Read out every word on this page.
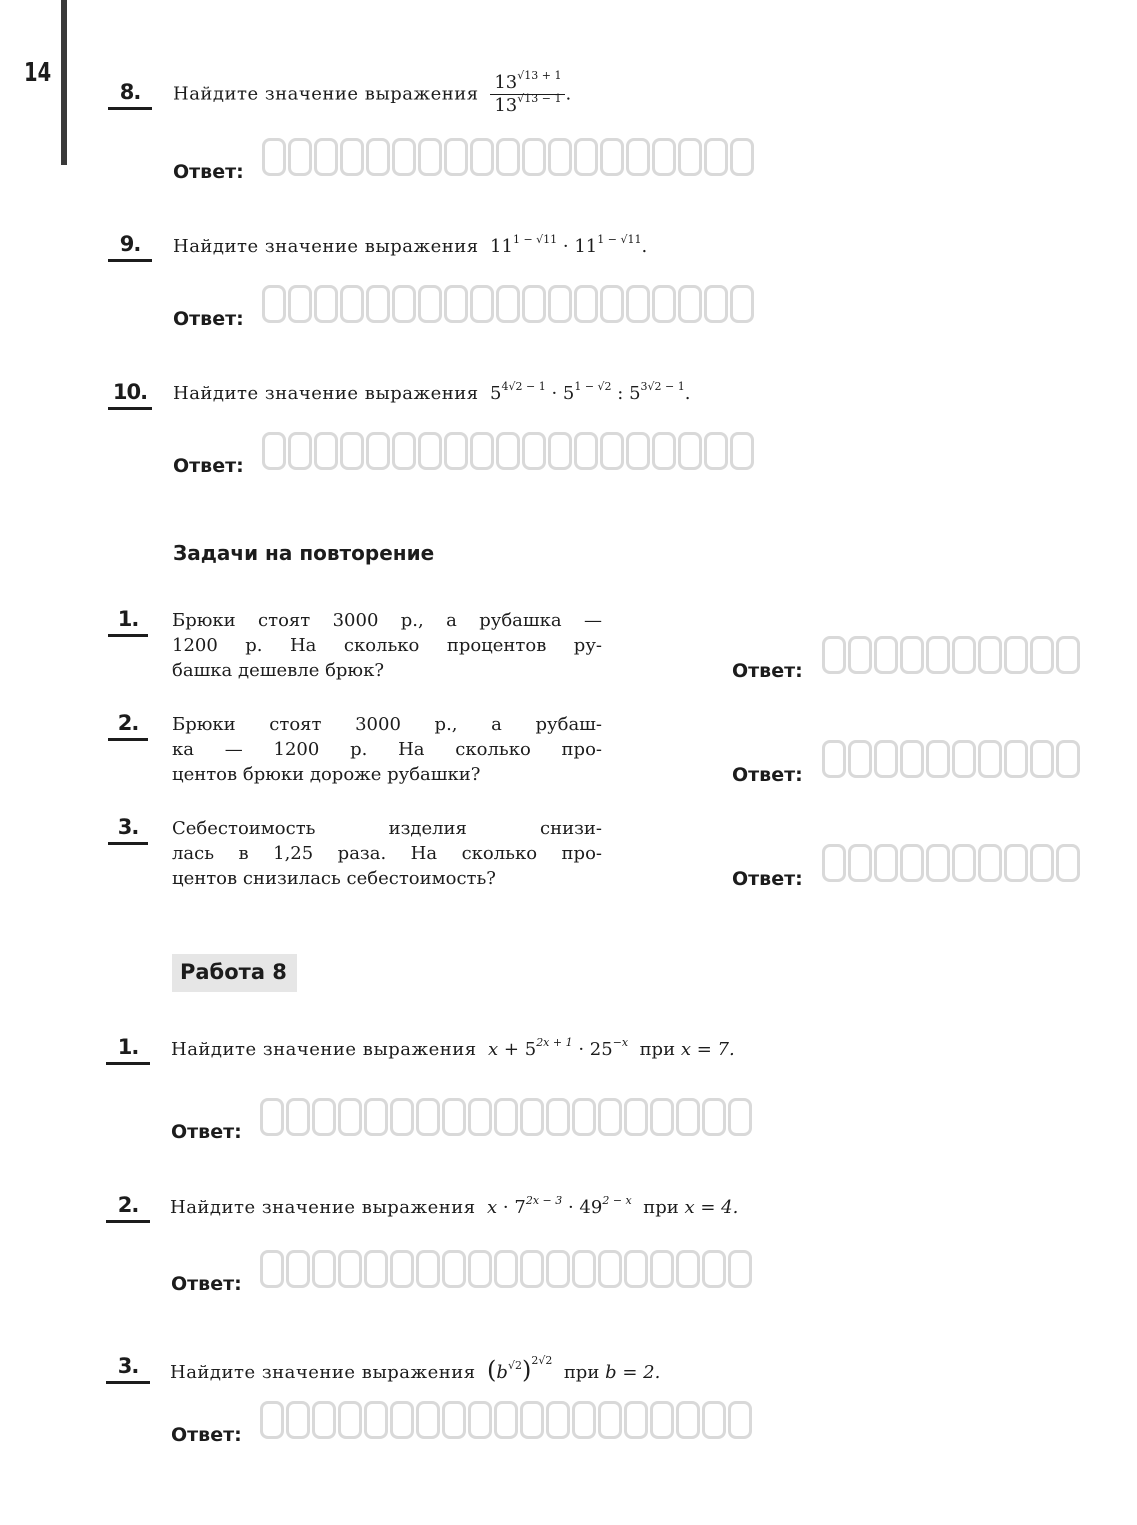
14
8.	Найдите значение выражения $\frac{13^{√13 + 1}}{13^{√13 - 1}}$ .
Ответ:
9.	Найдите значение выражения $11^{1 - √11} \cdot 11^{1 - √11}$.
Ответ:
10. Найдите значение выражения $5^{4√2 - 1} \cdot 5^{1 - √2}$ : $5^{3√2 - 1}$.
Ответ:
Задачи на повторение
1.	Брюки стоят 3000 р., а рубашка —
1200 р. На сколько процентов ру-
башка дешевле брюк?	Ответ:
2.	Брюки стоят 3000 р., а рубаш-
ка — 1200 р. На сколько про-
центов брюки дороже рубашки?	Ответ:
3.	Себестоимость изделия снизи-
лась в 1,25 раза. На сколько про-
центов снизилась себестоимость?	Ответ:
Работа 8
1.	Найдите значение выражения $x + 5^{2x + 1} \cdot 25^{-x}$ при x = 7.
Ответ:
2.	Найдите значение выражения $x \cdot 7^{2x - 3} \cdot 49^{2 - x}$ при x = 4.
Ответ:
3.	Найдите значение выражения $(b^{√2})^{2√2}$  при b = 2.
Ответ:
